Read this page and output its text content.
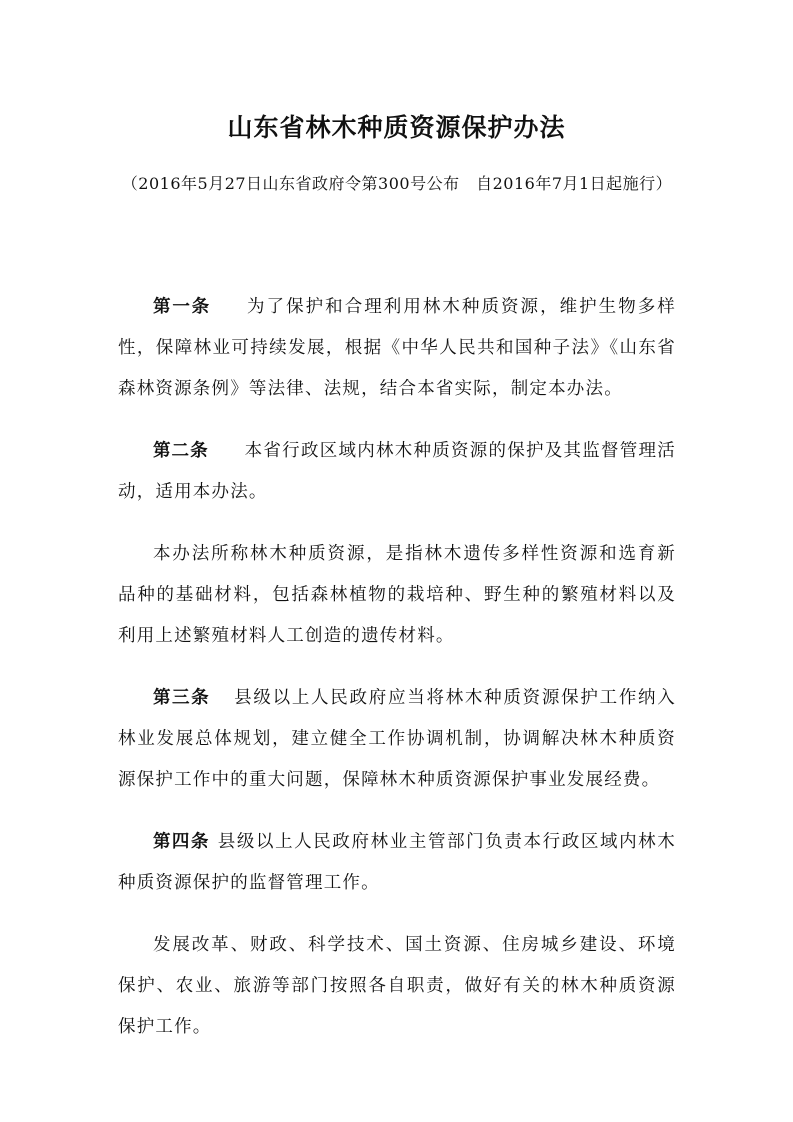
山东省林木种质资源保护办法
（2016年5月27日山东省政府令第300号公布　自2016年7月1日起施行）

第一条 为了保护和合理利用林木种质资源，维护生物多样性，保障林业可持续发展，根据《中华人民共和国种子法》《山东省森林资源条例》等法律、法规，结合本省实际，制定本办法。

第二条 本省行政区域内林木种质资源的保护及其监督管理活动，适用本办法。

本办法所称林木种质资源，是指林木遗传多样性资源和选育新品种的基础材料，包括森林植物的栽培种、野生种的繁殖材料以及利用上述繁殖材料人工创造的遗传材料。

第三条 县级以上人民政府应当将林木种质资源保护工作纳入林业发展总体规划，建立健全工作协调机制，协调解决林木种质资源保护工作中的重大问题，保障林木种质资源保护事业发展经费。

第四条 县级以上人民政府林业主管部门负责本行政区域内林木种质资源保护的监督管理工作。

发展改革、财政、科学技术、国土资源、住房城乡建设、环境保护、农业、旅游等部门按照各自职责，做好有关的林木种质资源保护工作。
